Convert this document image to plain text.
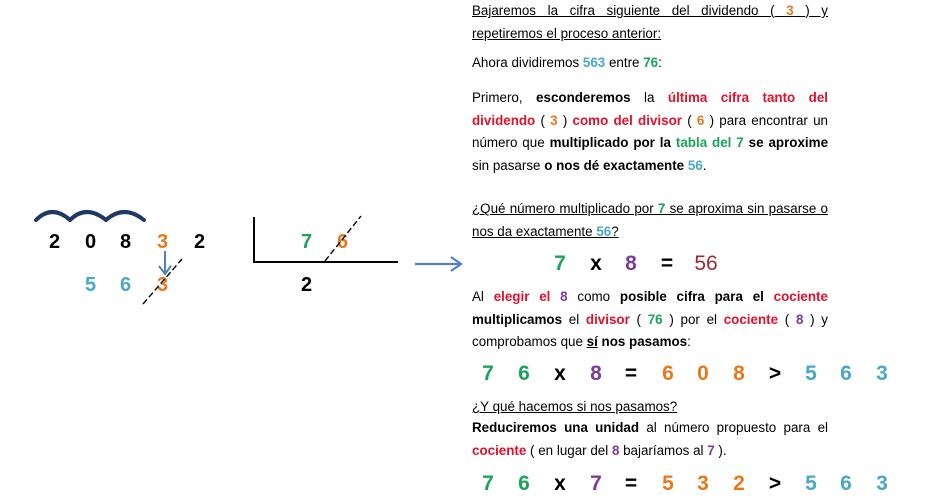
2 0 8 3 2
5 6 3
7 6
2
Bajaremos la cifra siguiente del dividendo ( 3 ) y repetiremos el proceso anterior:
Ahora dividiremos 563 entre 76:
Primero, esconderemos la última cifra tanto del dividendo ( 3 ) como del divisor ( 6 ) para encontrar un número que multiplicado por la tabla del 7 se aproxime sin pasarse o nos dé exactamente 56.
¿Qué número multiplicado por 7 se aproxima sin pasarse o nos da exactamente 56?
7 x 8 = 56
Al elegir el 8 como posible cifra para el cociente multiplicamos el divisor ( 76 ) por el cociente ( 8 ) y comprobamos que sí nos pasamos:
7 6 x 8 = 6 0 8 > 5 6 3
¿Y qué hacemos si nos pasamos?
Reduciremos una unidad al número propuesto para el cociente ( en lugar del 8 bajaríamos al 7 ).
7 6 x 7 = 5 3 2 > 5 6 3
